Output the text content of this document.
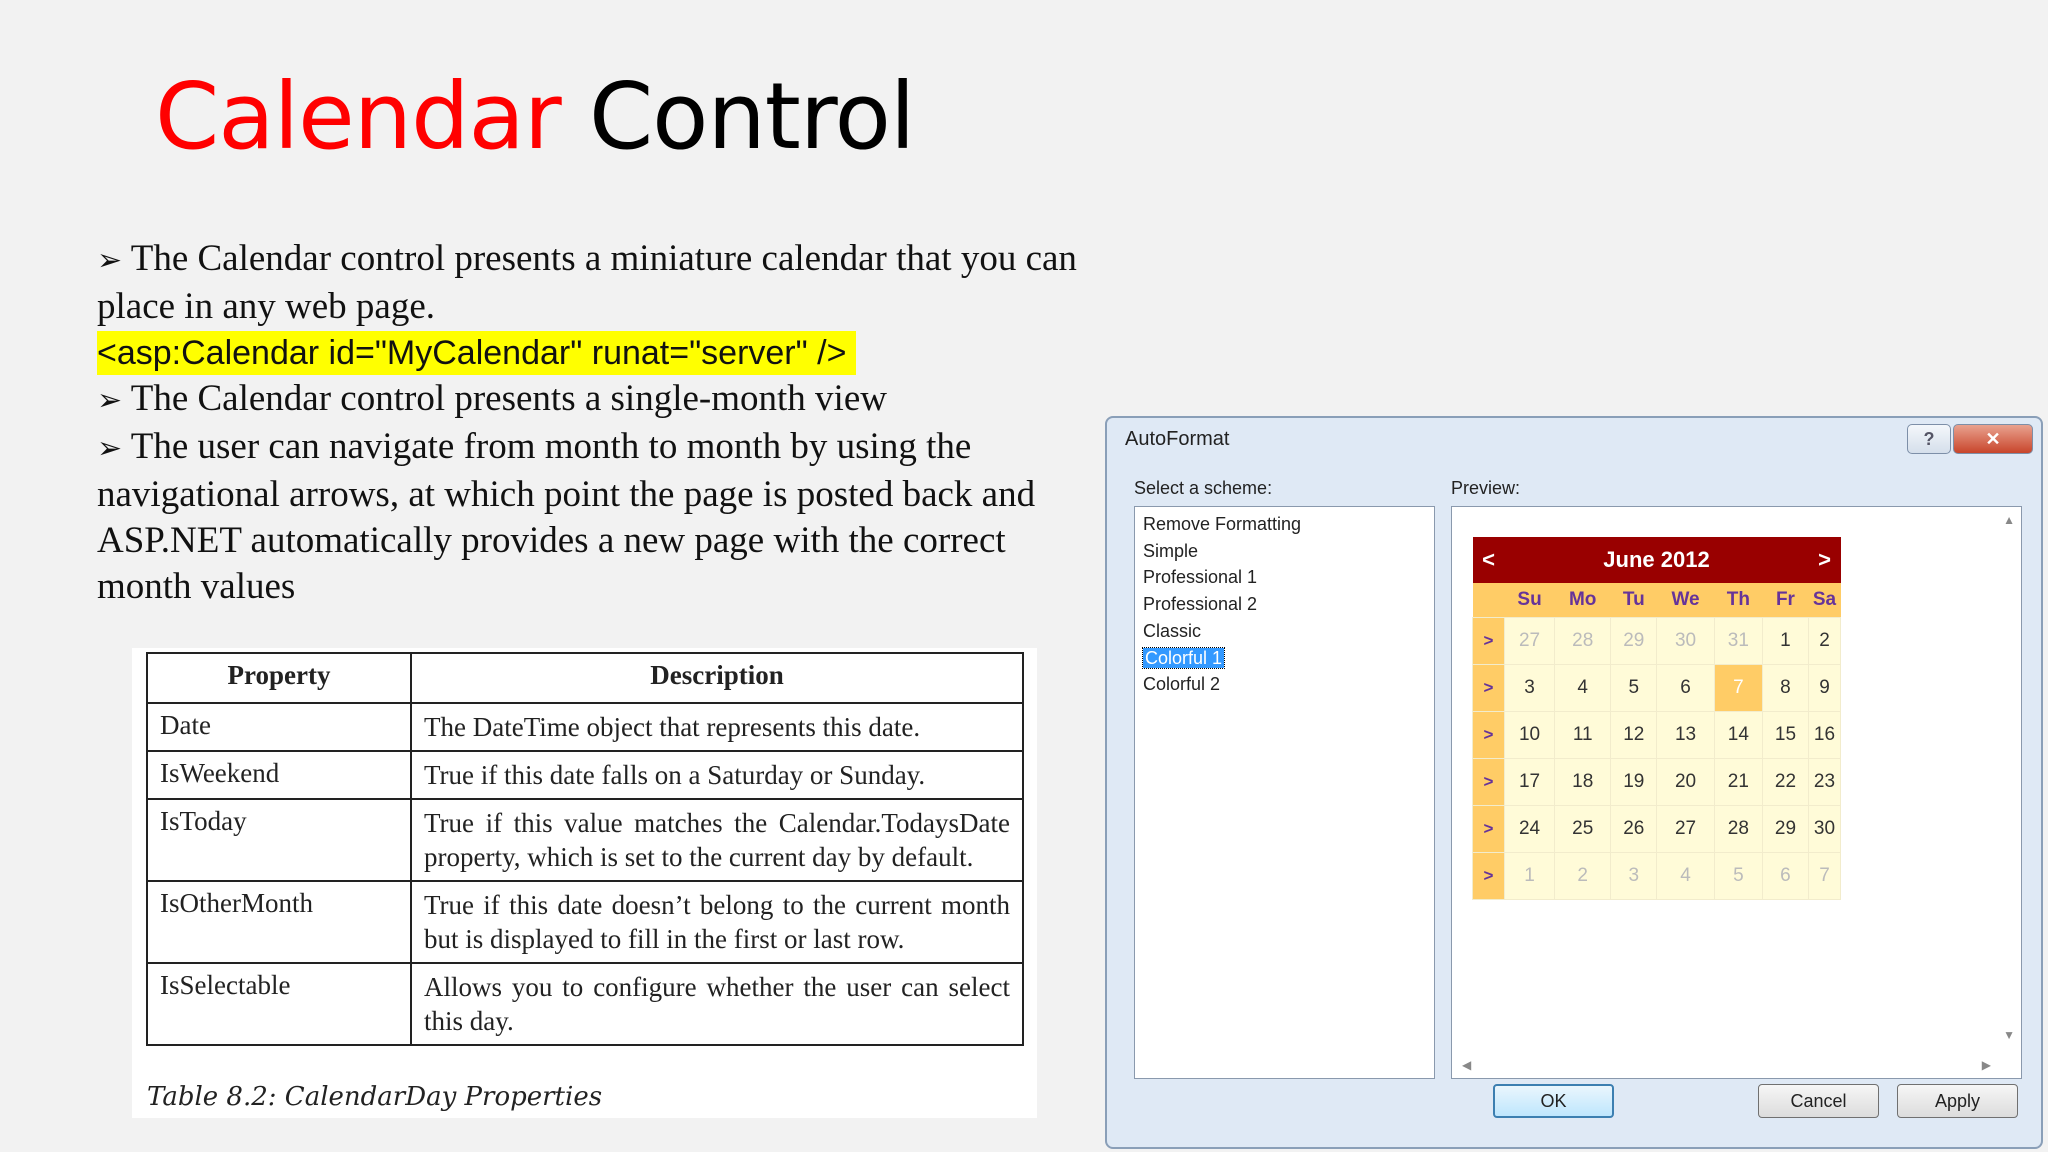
Calendar Control

➢ The Calendar control presents a miniature calendar that you can place in any web page.

<asp:Calendar id="MyCalendar" runat="server" />

➢ The Calendar control presents a single-month view

➢ The user can navigate from month to month by using the navigational arrows, at which point the page is posted back and ASP.NET automatically provides a new page with the correct month values

Property	Description
Date	The DateTime object that represents this date.
IsWeekend	True if this date falls on a Saturday or Sunday.
IsToday	True if this value matches the Calendar.TodaysDate property, which is set to the current day by default.
IsOtherMonth	True if this date doesn’t belong to the current month but is displayed to fill in the first or last row.
IsSelectable	Allows you to configure whether the user can select this day.
Table 8.2: CalendarDay Properties
AutoFormat	?	✕
Select a scheme:	Preview:
Remove Formatting
Simple
Professional 1
Professional 2
Classic
Colorful 1
Colorful 2
▲
▼
◀	▶
<	June 2012						>
	Su	Mo	Tu	We	Th	Fr	Sa
>	27	28	29	30	31	1	2
>	3	4	5	6	7	8	9
>	10	11	12	13	14	15	16
>	17	18	19	20	21	22	23
>	24	25	26	27	28	29	30
>	1	2	3	4	5	6	7
OK	Cancel	Apply
